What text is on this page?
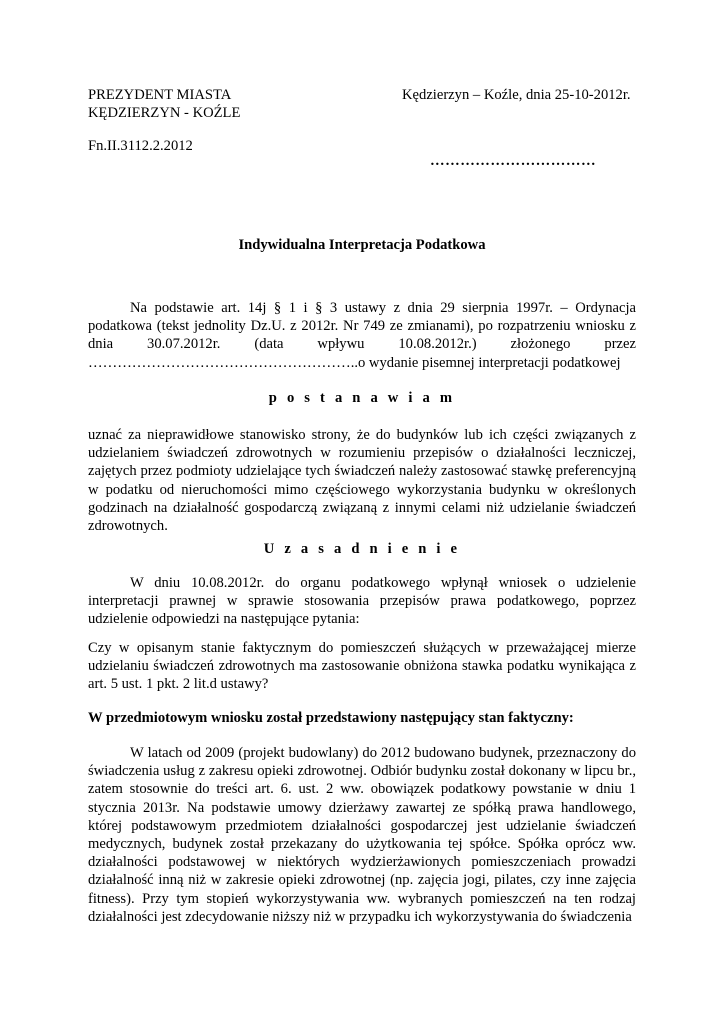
PREZYDENT MIASTA
KĘDZIERZYN - KOŹLE
Kędzierzyn – Koźle, dnia 25-10-2012r.
Fn.II.3112.2.2012
……………………………
Indywidualna Interpretacja Podatkowa

Na podstawie art. 14j § 1 i § 3 ustawy z dnia 29 sierpnia 1997r. – Ordynacja podatkowa (tekst jednolity Dz.U. z 2012r. Nr 749 ze zmianami), po rozpatrzeniu wniosku z dnia 30.07.2012r. (data wpływu 10.08.2012r.) złożonego przez ………………………………………………..o wydanie pisemnej interpretacji podatkowej

p o s t a n a w i a m

uznać za nieprawidłowe stanowisko strony, że do budynków lub ich części związanych z udzielaniem świadczeń zdrowotnych w rozumieniu przepisów o działalności leczniczej, zajętych przez podmioty udzielające tych świadczeń należy zastosować stawkę preferencyjną w podatku od nieruchomości mimo częściowego wykorzystania budynku w określonych godzinach na działalność gospodarczą związaną z innymi celami niż udzielanie świadczeń zdrowotnych.

U z a s a d n i e n i e

W dniu 10.08.2012r. do organu podatkowego wpłynął wniosek o udzielenie interpretacji prawnej w sprawie stosowania przepisów prawa podatkowego, poprzez udzielenie odpowiedzi na następujące pytania:

Czy w opisanym stanie faktycznym do pomieszczeń służących w przeważającej mierze udzielaniu świadczeń zdrowotnych ma zastosowanie obniżona stawka podatku wynikająca z art. 5 ust. 1 pkt. 2 lit.d ustawy?

W przedmiotowym wniosku został przedstawiony następujący stan faktyczny:

W latach od 2009 (projekt budowlany) do 2012 budowano budynek, przeznaczony do świadczenia usług z zakresu opieki zdrowotnej. Odbiór budynku został dokonany w lipcu br., zatem stosownie do treści art. 6. ust. 2 ww. obowiązek podatkowy powstanie w dniu 1 stycznia 2013r. Na podstawie umowy dzierżawy zawartej ze spółką prawa handlowego, której podstawowym przedmiotem działalności gospodarczej jest udzielanie świadczeń medycznych, budynek został przekazany do użytkowania tej spółce. Spółka oprócz ww. działalności podstawowej w niektórych wydzierżawionych pomieszczeniach prowadzi działalność inną niż w zakresie opieki zdrowotnej (np. zajęcia jogi, pilates, czy inne zajęcia fitness). Przy tym stopień wykorzystywania ww. wybranych pomieszczeń na ten rodzaj działalności jest zdecydowanie niższy niż w przypadku ich wykorzystywania do świadczenia
